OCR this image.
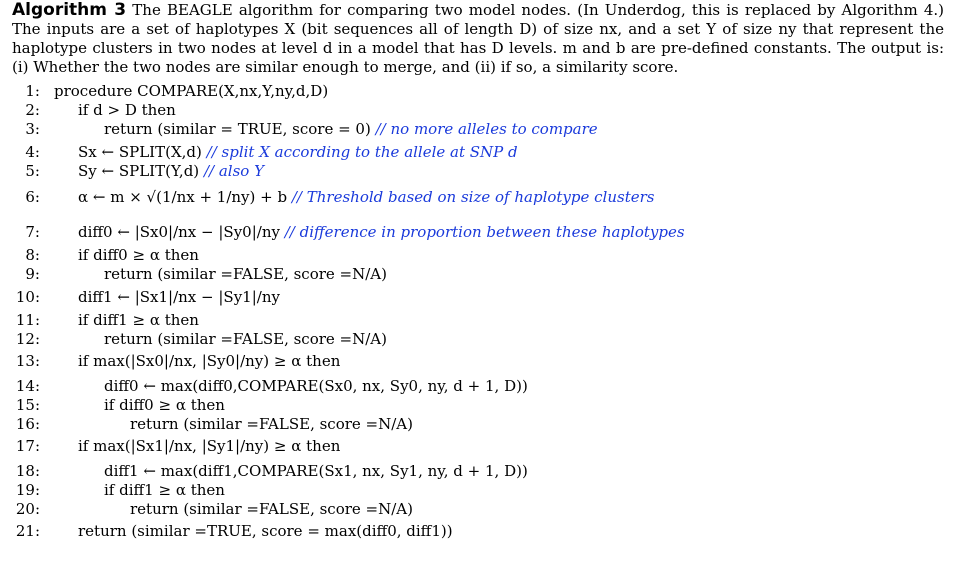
Algorithm 3 The BEAGLE algorithm for comparing two model nodes. (In Underdog, this is replaced by Algorithm 4.) The inputs are a set of haplotypes X (bit sequences all of length D) of size nx, and a set Y of size ny that represent the haplotype clusters in two nodes at level d in a model that has D levels. m and b are pre-defined constants. The output is: (i) Whether the two nodes are similar enough to merge, and (ii) if so, a similarity score.
1: procedure COMPARE(X,nx,Y,ny,d,D)
2:	if d > D then
3:	return (similar = TRUE, score = 0) // no more alleles to compare
4:	Sx ← SPLIT(X,d) // split X according to the allele at SNP d
5:	Sy ← SPLIT(Y,d) // also Y
6:	α ← m × √(1/nx + 1/ny) + b // Threshold based on size of haplotype clusters
7:	diff0 ← |Sx0|/nx − |Sy0|/ny // difference in proportion between these haplotypes
8:	if diff0 ≥ α then
9:	return (similar =FALSE, score =N/A)
10:	diff1 ← |Sx1|/nx − |Sy1|/ny
11:	if diff1 ≥ α then
12:	return (similar =FALSE, score =N/A)
13:	if max(|Sx0|/nx, |Sy0|/ny) ≥ α then
14:	diff0 ← max(diff0,COMPARE(Sx0, nx, Sy0, ny, d + 1, D))
15:	if diff0 ≥ α then
16:	return (similar =FALSE, score =N/A)
17:	if max(|Sx1|/nx, |Sy1|/ny) ≥ α then
18:	diff1 ← max(diff1,COMPARE(Sx1, nx, Sy1, ny, d + 1, D))
19:	if diff1 ≥ α then
20:	return (similar =FALSE, score =N/A)
21:	return (similar =TRUE, score = max(diff0, diff1))
